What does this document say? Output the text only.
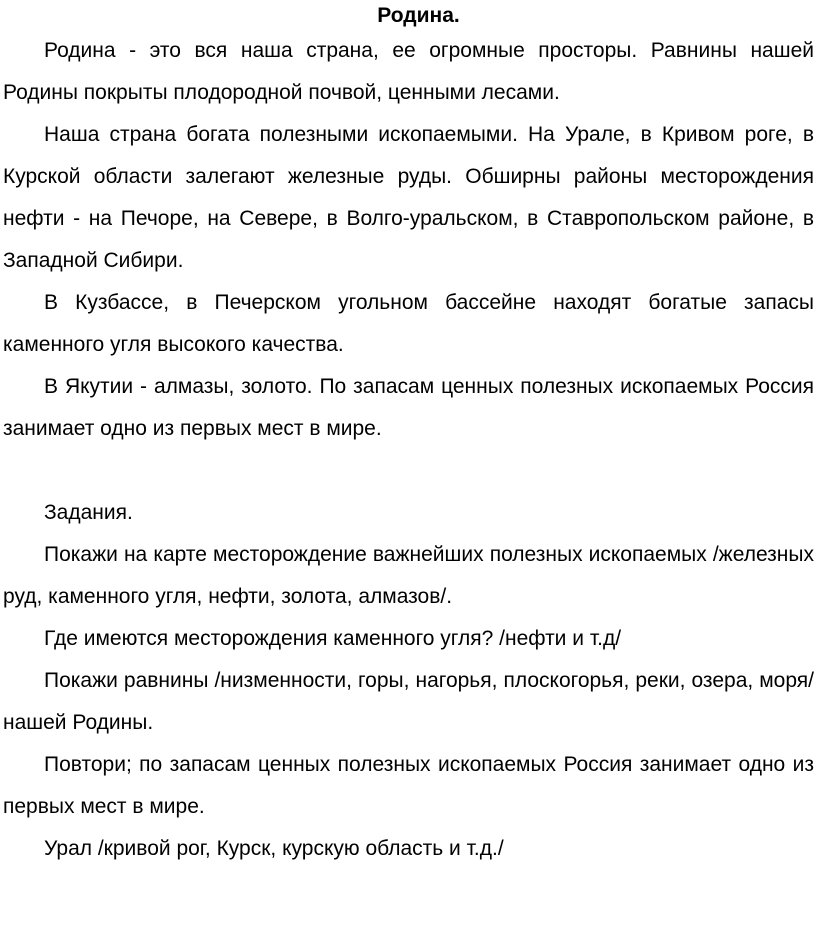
Родина.

Родина - это вся наша страна, ее огромные просторы. Равнины нашей Родины покрыты плодородной почвой, ценными лесами.

Наша страна богата полезными ископаемыми. На Урале, в Кривом роге, в Курской области залегают железные руды. Обширны районы месторождения нефти - на Печоре, на Севере, в Волго-уральском, в Ставропольском районе, в Западной Сибири.

В Кузбассе, в Печерском угольном бассейне находят богатые запасы каменного угля высокого качества.

В Якутии - алмазы, золото. По запасам ценных полезных ископаемых Россия занимает одно из первых мест в мире.

Задания.

Покажи на карте месторождение важнейших полезных ископаемых /железных руд, каменного угля, нефти, золота, алмазов/.

Где имеются месторождения каменного угля? /нефти и т.д/

Покажи равнины /низменности, горы, нагорья, плоскогорья, реки, озера, моря/ нашей Родины.

Повтори; по запасам ценных полезных ископаемых Россия занимает одно из первых мест в мире.

Урал /кривой рог, Курск, курскую область и т.д./
